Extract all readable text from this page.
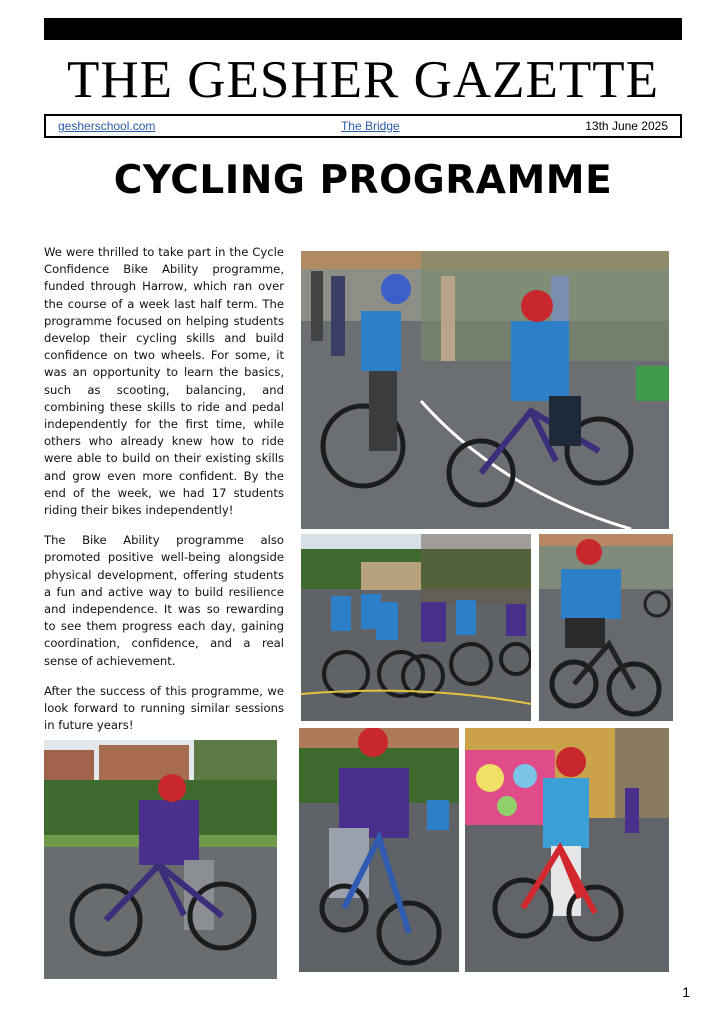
THE GESHER GAZETTE
gesherschool.com	The Bridge	13th June 2025
CYCLING PROGRAMME

We were thrilled to take part in the Cycle Confidence Bike Ability programme, funded through Harrow, which ran over the course of a week last half term. The programme focused on helping students develop their cycling skills and build confidence on two wheels. For some, it was an opportunity to learn the basics, such as scooting, balancing, and combining these skills to ride and pedal independently for the first time, while others who already knew how to ride were able to build on their existing skills and grow even more confident. By the end of the week, we had 17 students riding their bikes independently!

The Bike Ability programme also promoted positive well-being alongside physical development, offering students a fun and active way to build resilience and independence. It was so rewarding to see them progress each day, gaining coordination, confidence, and a real sense of achievement.

After the success of this programme, we look forward to running similar sessions in future years!

1
